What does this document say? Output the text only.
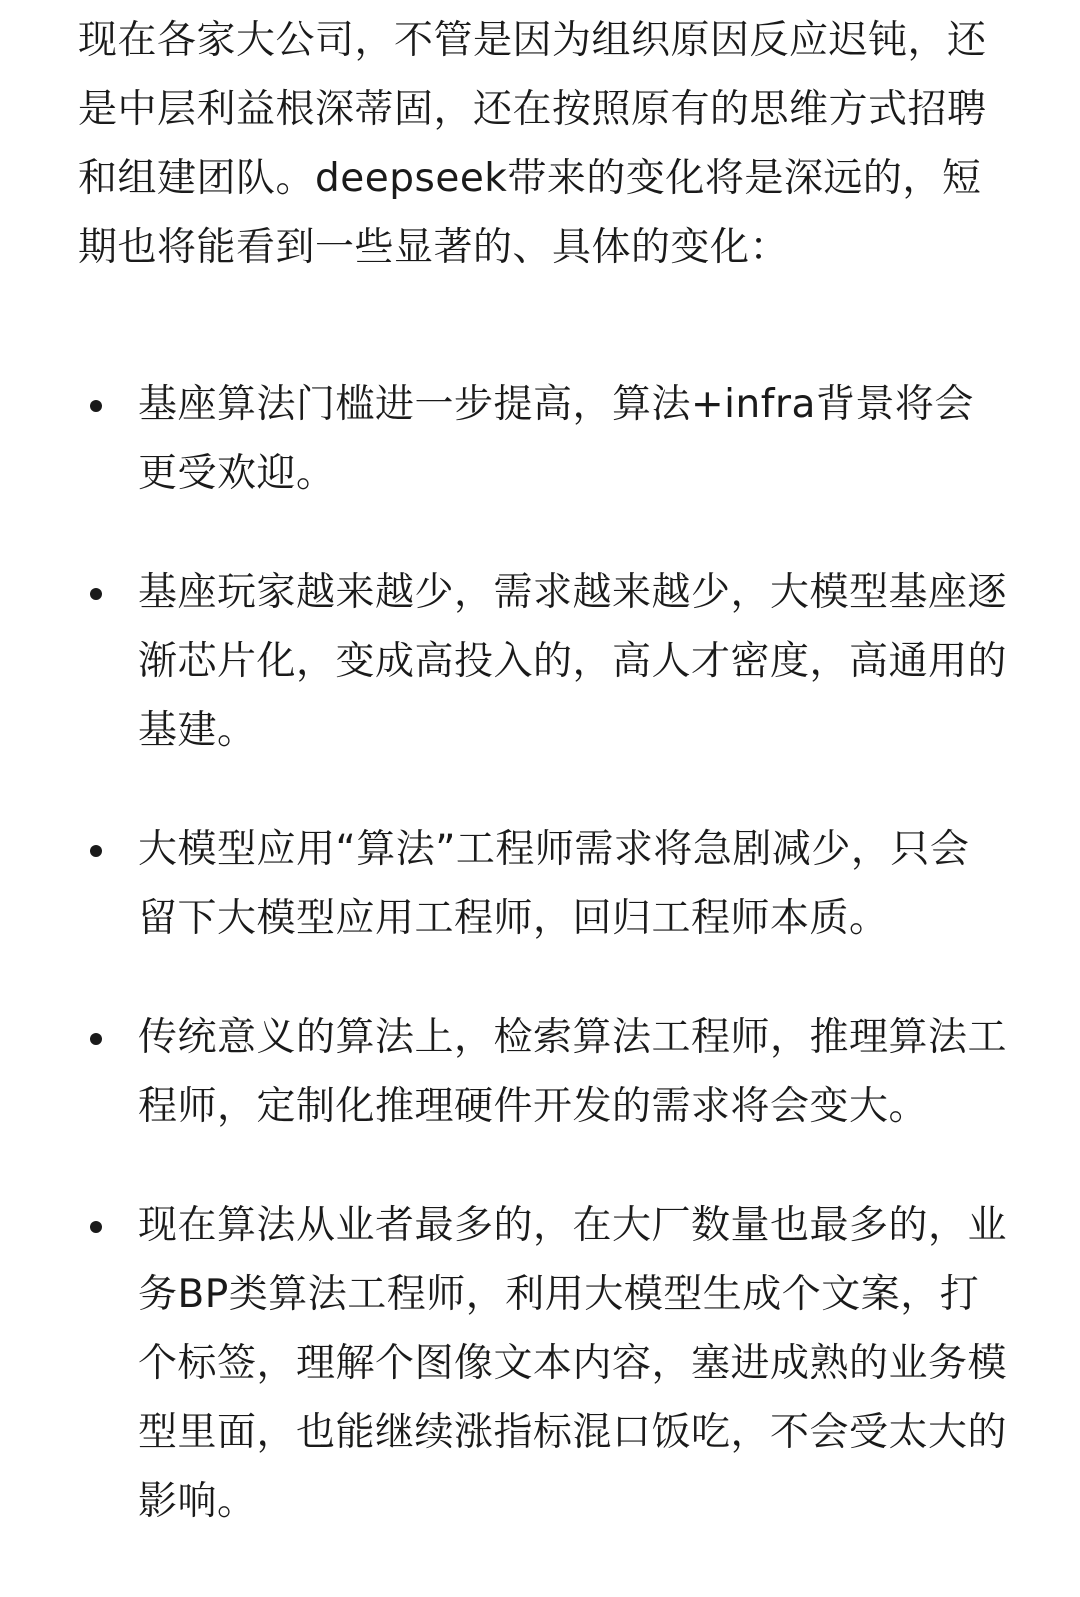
现在各家大公司，不管是因为组织原因反应迟钝，还是中层利益根深蒂固，还在按照原有的思维方式招聘和组建团队。deepseek带来的变化将是深远的，短期也将能看到一些显著的、具体的变化：

基座算法门槛进一步提高，算法+infra背景将会更受欢迎。
基座玩家越来越少，需求越来越少，大模型基座逐渐芯片化，变成高投入的，高人才密度，高通用的基建。
大模型应用“算法”工程师需求将急剧减少，只会留下大模型应用工程师，回归工程师本质。
传统意义的算法上，检索算法工程师，推理算法工程师，定制化推理硬件开发的需求将会变大。
现在算法从业者最多的，在大厂数量也最多的，业务BP类算法工程师，利用大模型生成个文案，打个标签，理解个图像文本内容，塞进成熟的业务模型里面，也能继续涨指标混口饭吃，不会受太大的影响。
